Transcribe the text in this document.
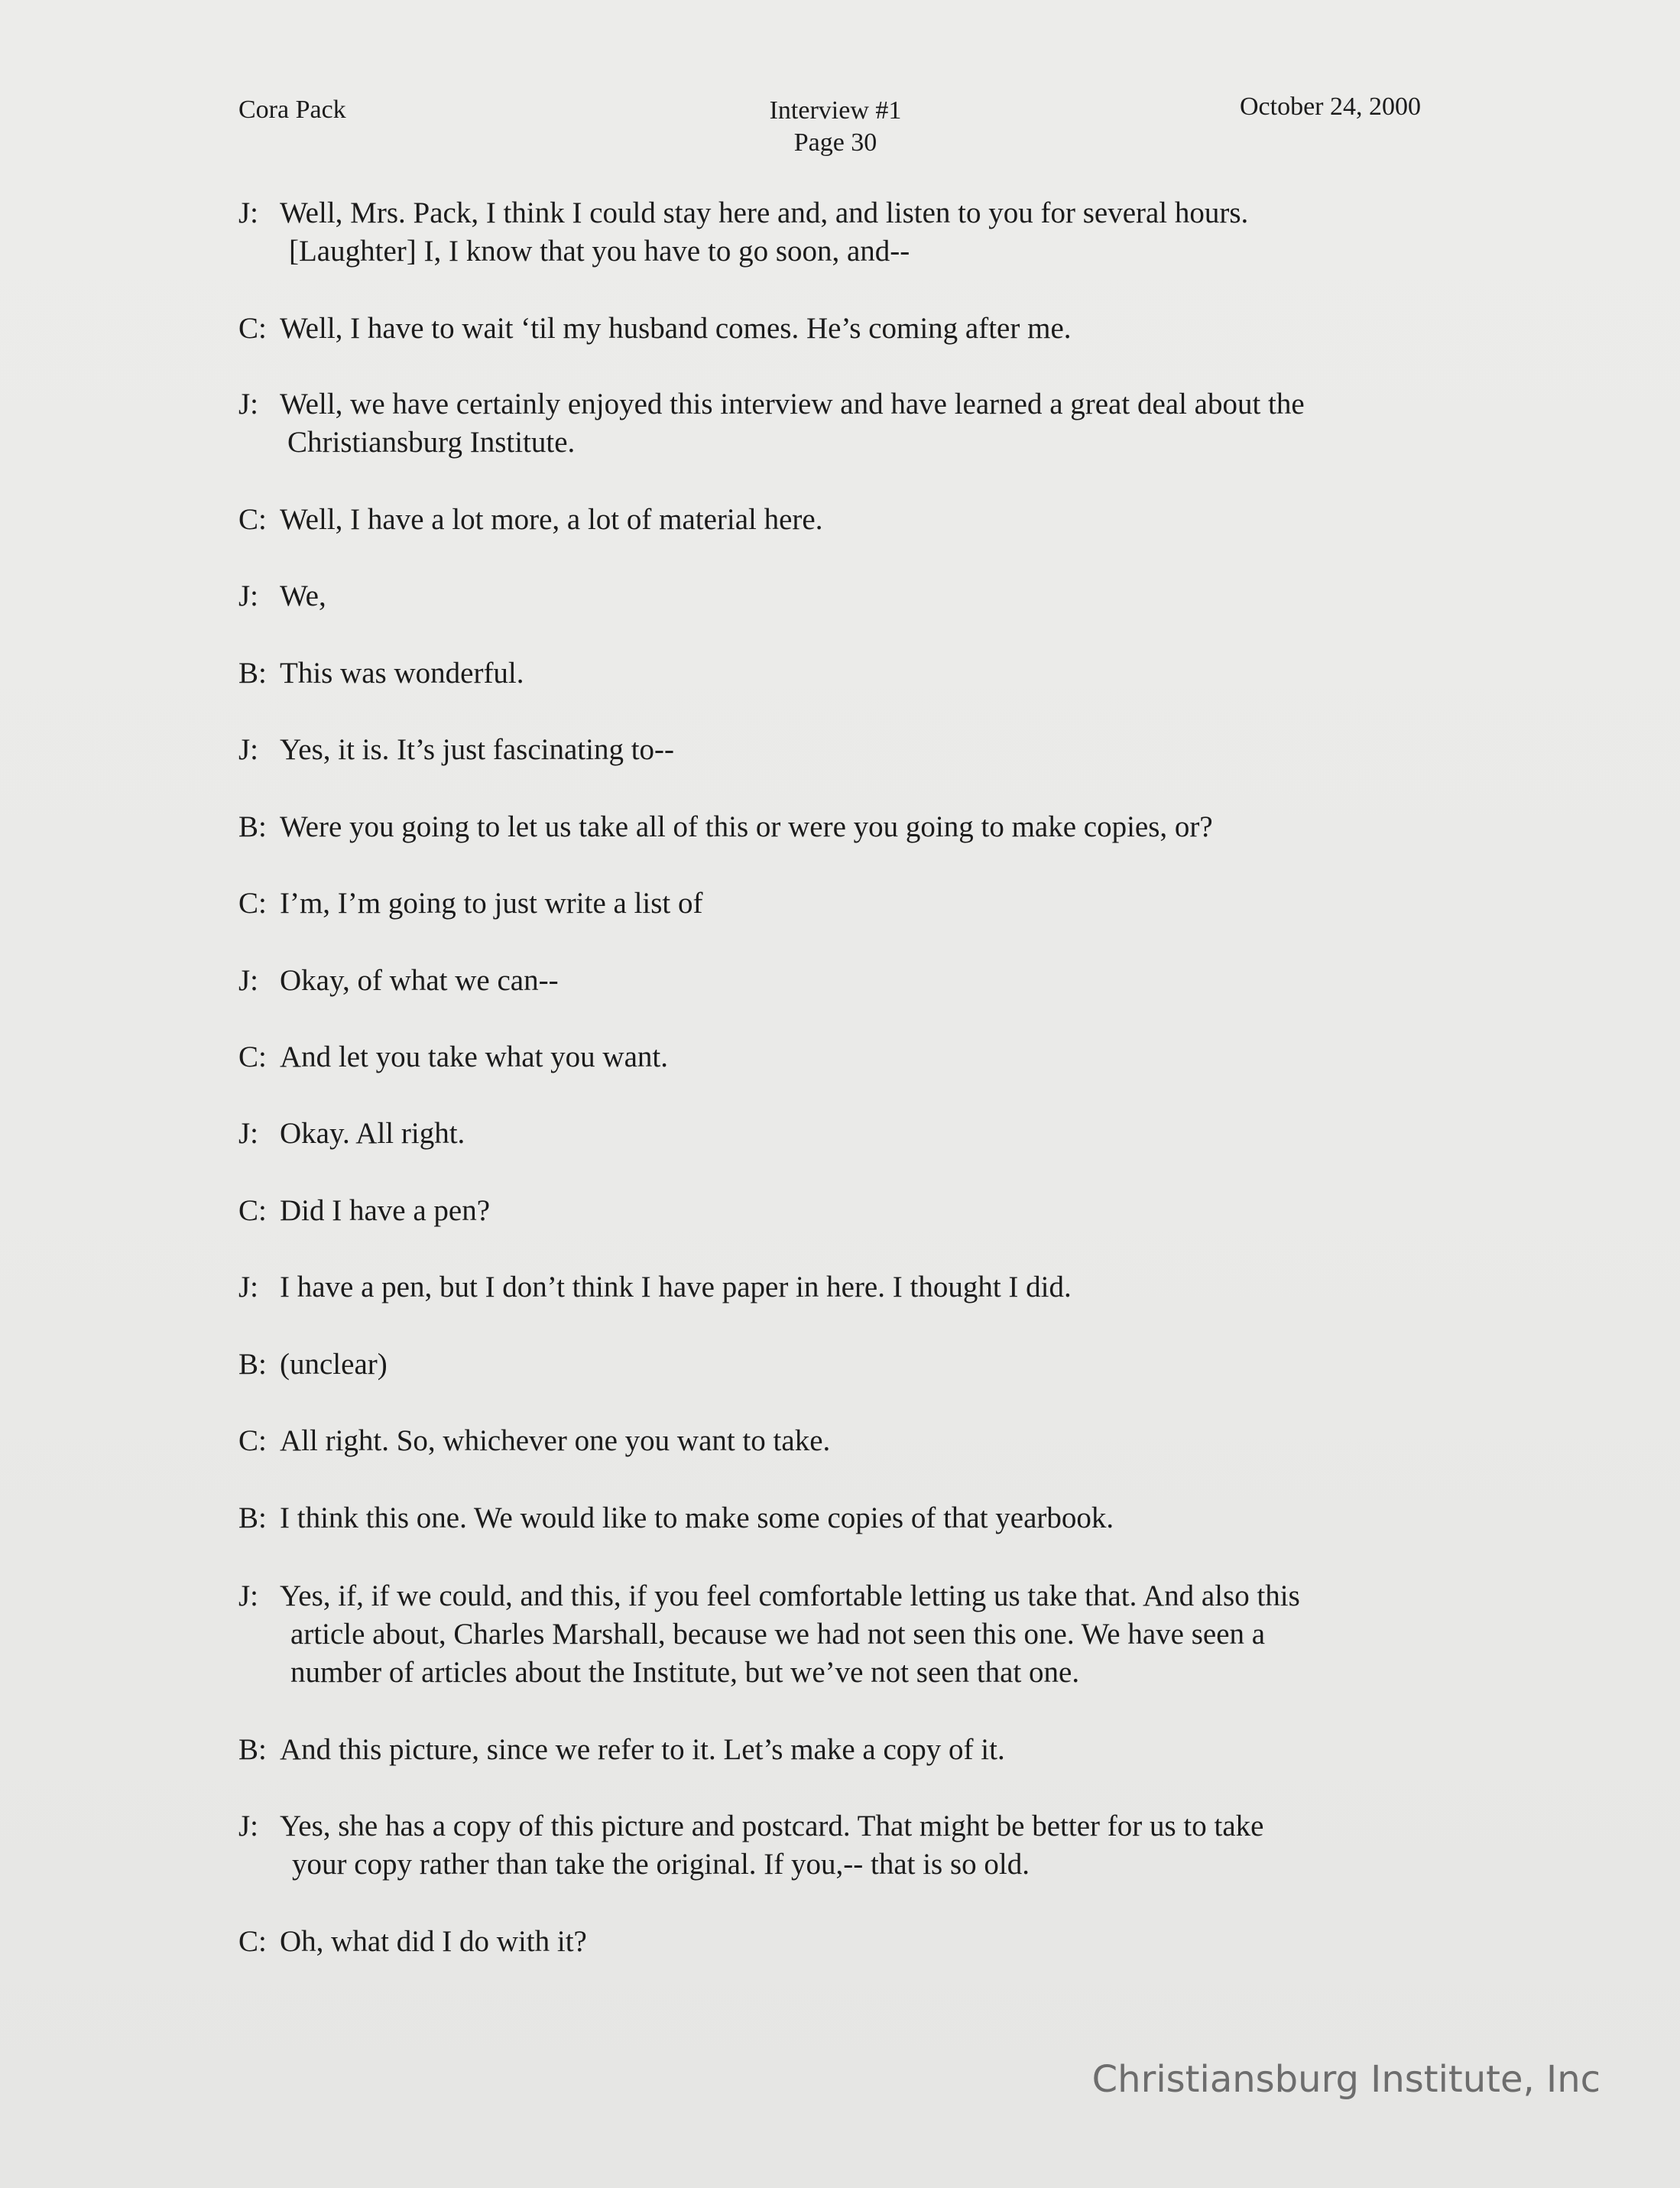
Cora Pack	Interview #1
Page 30
October 24, 2000
J: Well, Mrs. Pack, I think I could stay here and, and listen to you for several hours.
[Laughter] I, I know that you have to go soon, and--
C: Well, I have to wait ‘til my husband comes. He’s coming after me.
J: Well, we have certainly enjoyed this interview and have learned a great deal about the
Christiansburg Institute.
C: Well, I have a lot more, a lot of material here.
J: We,
B: This was wonderful.
J: Yes, it is. It’s just fascinating to--
B: Were you going to let us take all of this or were you going to make copies, or?
C: I’m, I’m going to just write a list of
J: Okay, of what we can--
C: And let you take what you want.
J: Okay. All right.
C: Did I have a pen?
J: I have a pen, but I don’t think I have paper in here. I thought I did.
B: (unclear)
C: All right. So, whichever one you want to take.
B: I think this one. We would like to make some copies of that yearbook.
J: Yes, if, if we could, and this, if you feel comfortable letting us take that. And also this
article about, Charles Marshall, because we had not seen this one. We have seen a
number of articles about the Institute, but we’ve not seen that one.
B: And this picture, since we refer to it. Let’s make a copy of it.
J: Yes, she has a copy of this picture and postcard. That might be better for us to take
your copy rather than take the original. If you,-- that is so old.
C: Oh, what did I do with it?
Christiansburg Institute, Inc
